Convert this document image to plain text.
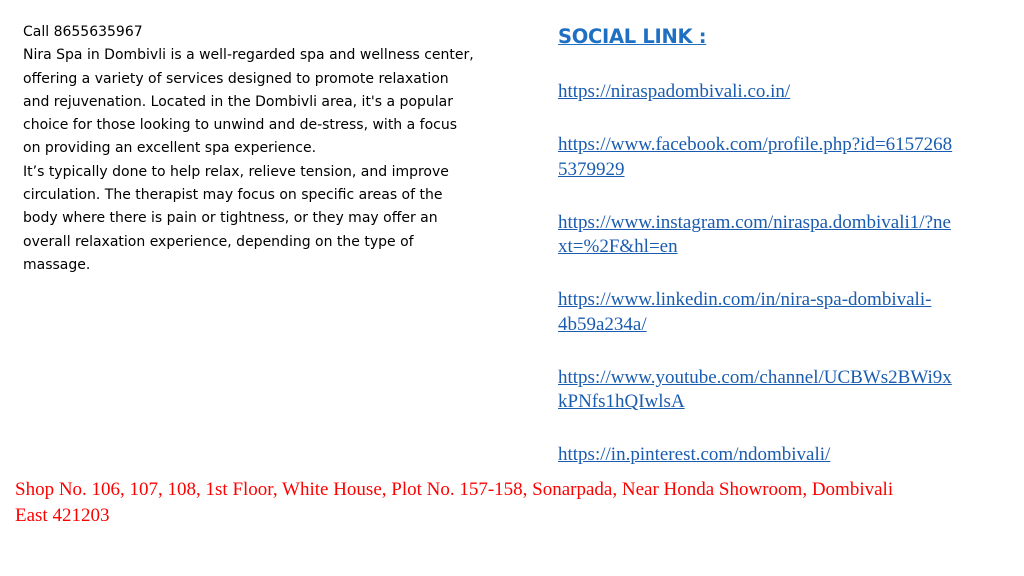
Call 8655635967
Nira Spa in Dombivli is a well-regarded spa and wellness center,
offering a variety of services designed to promote relaxation
and rejuvenation. Located in the Dombivli area, it's a popular
choice for those looking to unwind and de-stress, with a focus
on providing an excellent spa experience.
It’s typically done to help relax, relieve tension, and improve
circulation. The therapist may focus on specific areas of the
body where there is pain or tightness, or they may offer an
overall relaxation experience, depending on the type of
massage.
SOCIAL LINK :
https://niraspadombivali.co.in/
https://www.facebook.com/profile.php?id=6157268
5379929
https://www.instagram.com/niraspa.dombivali1/?ne
xt=%2F&hl=en
https://www.linkedin.com/in/nira-spa-dombivali-
4b59a234a/
https://www.youtube.com/channel/UCBWs2BWi9x
kPNfs1hQIwlsA
https://in.pinterest.com/ndombivali/
Shop No. 106, 107, 108, 1st Floor, White House, Plot No. 157-158, Sonarpada, Near Honda Showroom, Dombivali
East 421203
